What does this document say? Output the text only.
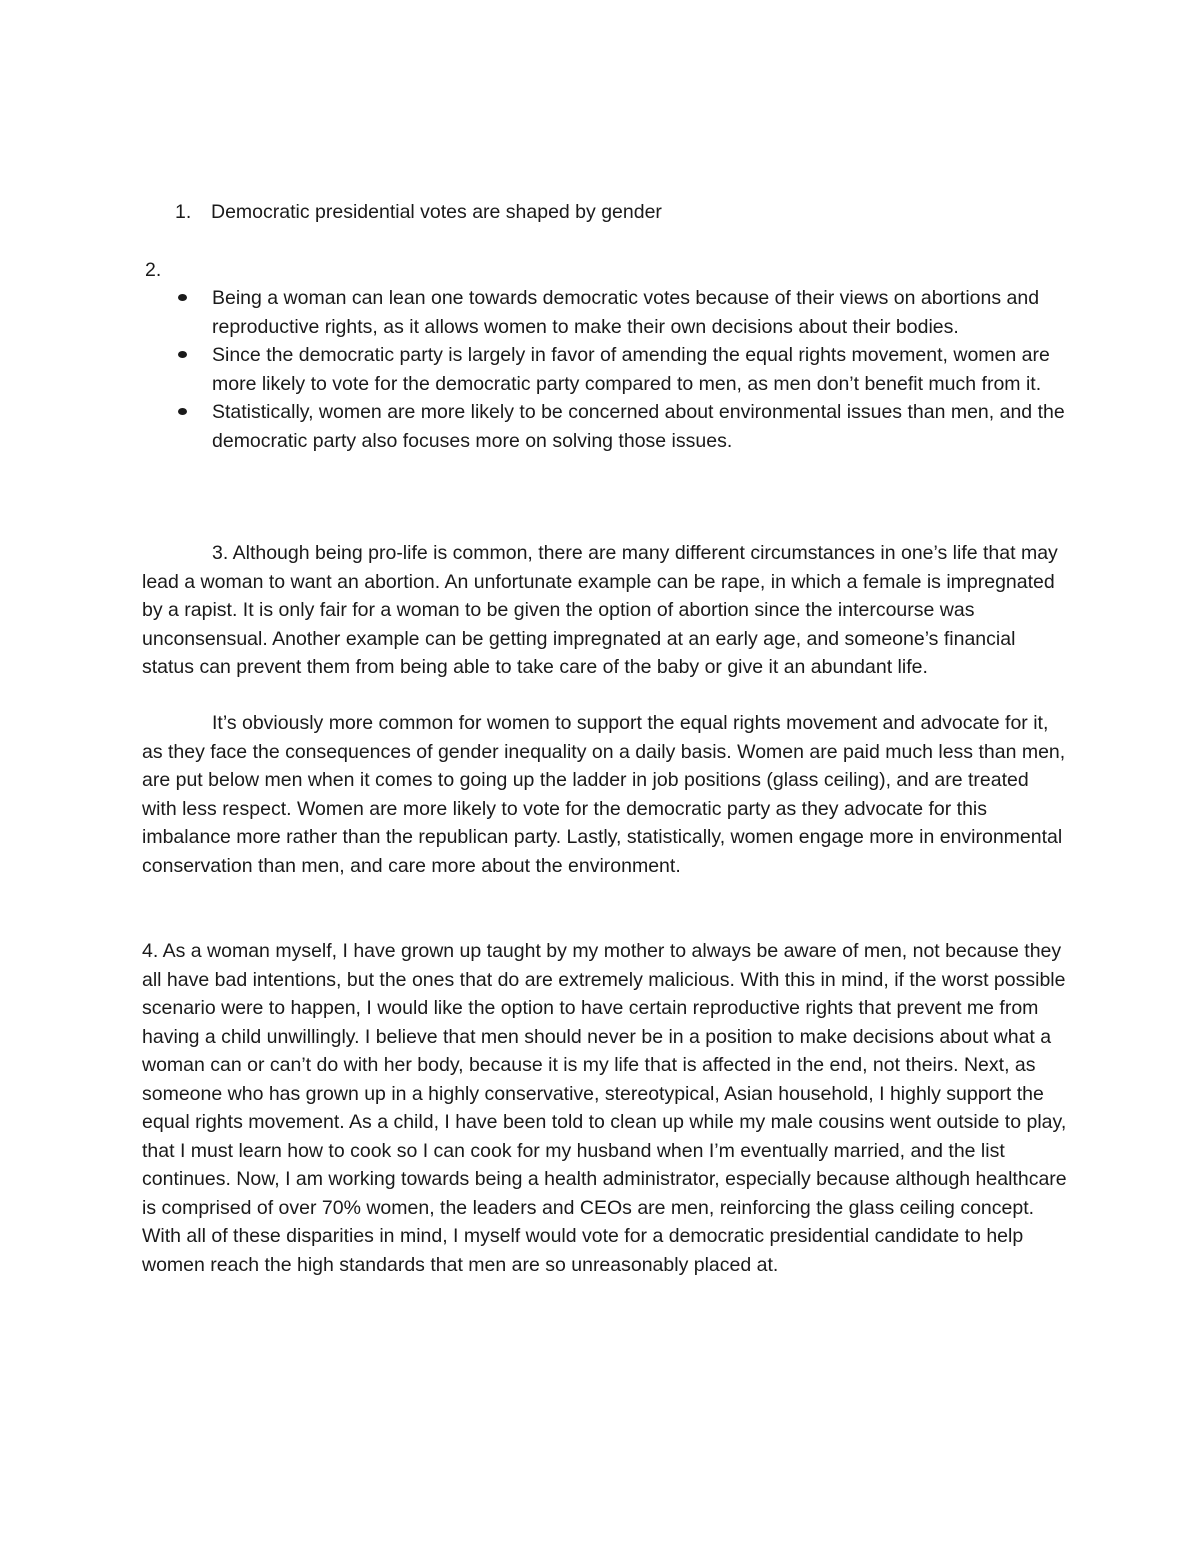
1. Democratic presidential votes are shaped by gender
2.
Being a woman can lean one towards democratic votes because of their views on abortions and reproductive rights, as it allows women to make their own decisions about their bodies.
Since the democratic party is largely in favor of amending the equal rights movement, women are more likely to vote for the democratic party compared to men, as men don’t benefit much from it.
Statistically, women are more likely to be concerned about environmental issues than men, and the democratic party also focuses more on solving those issues.

3. Although being pro-life is common, there are many different circumstances in one’s life that may lead a woman to want an abortion. An unfortunate example can be rape, in which a female is impregnated by a rapist. It is only fair for a woman to be given the option of abortion since the intercourse was unconsensual. Another example can be getting impregnated at an early age, and someone’s financial status can prevent them from being able to take care of the baby or give it an abundant life.

It’s obviously more common for women to support the equal rights movement and advocate for it, as they face the consequences of gender inequality on a daily basis. Women are paid much less than men, are put below men when it comes to going up the ladder in job positions (glass ceiling), and are treated with less respect. Women are more likely to vote for the democratic party as they advocate for this imbalance more rather than the republican party. Lastly, statistically, women engage more in environmental conservation than men, and care more about the environment.

4. As a woman myself, I have grown up taught by my mother to always be aware of men, not because they all have bad intentions, but the ones that do are extremely malicious. With this in mind, if the worst possible scenario were to happen, I would like the option to have certain reproductive rights that prevent me from having a child unwillingly. I believe that men should never be in a position to make decisions about what a woman can or can’t do with her body, because it is my life that is affected in the end, not theirs. Next, as someone who has grown up in a highly conservative, stereotypical, Asian household, I highly support the equal rights movement. As a child, I have been told to clean up while my male cousins went outside to play, that I must learn how to cook so I can cook for my husband when I’m eventually married, and the list continues. Now, I am working towards being a health administrator, especially because although healthcare is comprised of over 70% women, the leaders and CEOs are men, reinforcing the glass ceiling concept. With all of these disparities in mind, I myself would vote for a democratic presidential candidate to help women reach the high standards that men are so unreasonably placed at.
